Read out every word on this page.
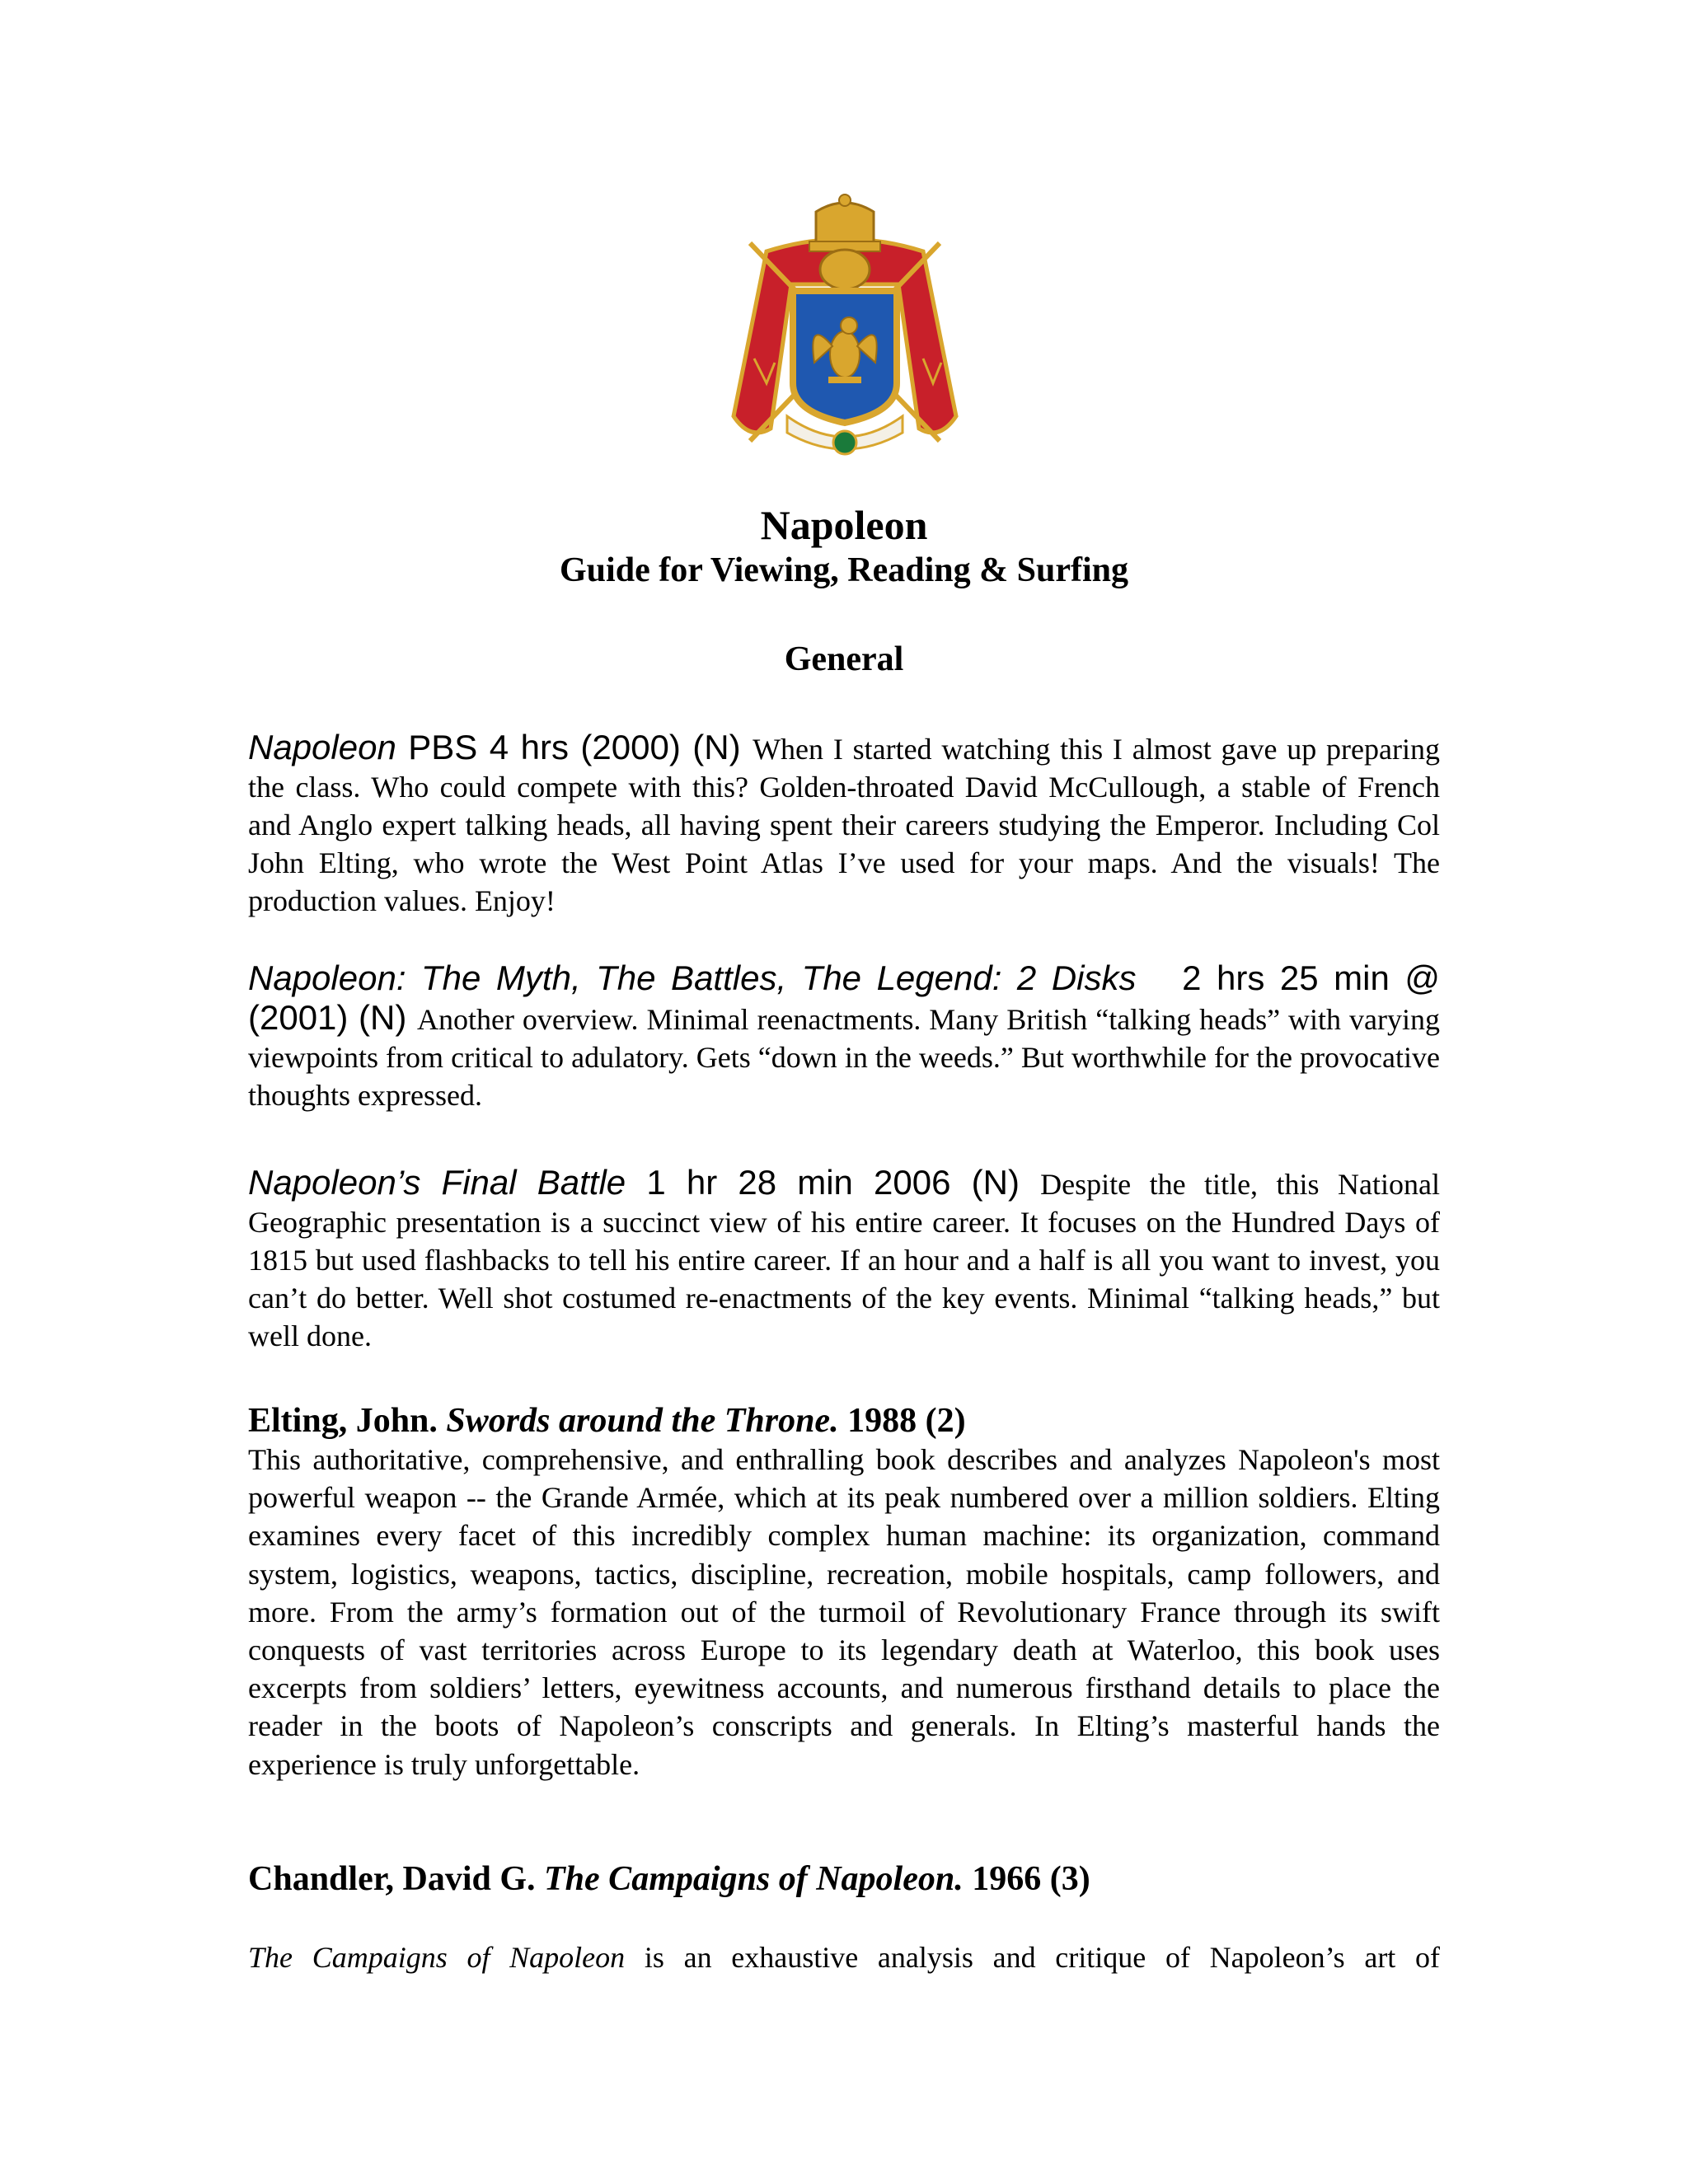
Napoleon
Guide for Viewing, Reading & Surfing
General
Napoleon PBS 4 hrs (2000) (N) When I started watching this I almost gave up preparing the class. Who could compete with this? Golden-throated David McCullough, a stable of French and Anglo expert talking heads, all having spent their careers studying the Emperor. Including Col John Elting, who wrote the West Point Atlas I’ve used for your maps. And the visuals! The production values. Enjoy!
Napoleon: The Myth, The Battles, The Legend: 2 Disks   2 hrs 25 min @ (2001) (N) Another overview. Minimal reenactments. Many British “talking heads” with varying viewpoints from critical to adulatory. Gets “down in the weeds.” But worthwhile for the provocative thoughts expressed.
Napoleon’s Final Battle 1 hr 28 min 2006 (N) Despite the title, this National Geographic presentation is a succinct view of his entire career. It focuses on the Hundred Days of 1815 but used flashbacks to tell his entire career. If an hour and a half is all you want to invest, you can’t do better. Well shot costumed re-enactments of the key events. Minimal “talking heads,” but well done.
Elting, John. Swords around the Throne. 1988 (2)
This authoritative, comprehensive, and enthralling book describes and analyzes Napoleon's most powerful weapon -- the Grande Armée, which at its peak numbered over a million soldiers. Elting examines every facet of this incredibly complex human machine: its organization, command system, logistics, weapons, tactics, discipline, recreation, mobile hospitals, camp followers, and more. From the army’s formation out of the turmoil of Revolutionary France through its swift conquests of vast territories across Europe to its legendary death at Waterloo, this book uses excerpts from soldiers’ letters, eyewitness accounts, and numerous firsthand details to place the reader in the boots of Napoleon’s conscripts and generals. In Elting’s masterful hands the experience is truly unforgettable.
Chandler, David G. The Campaigns of Napoleon. 1966 (3)
The Campaigns of Napoleon is an exhaustive analysis and critique of Napoleon’s art of
